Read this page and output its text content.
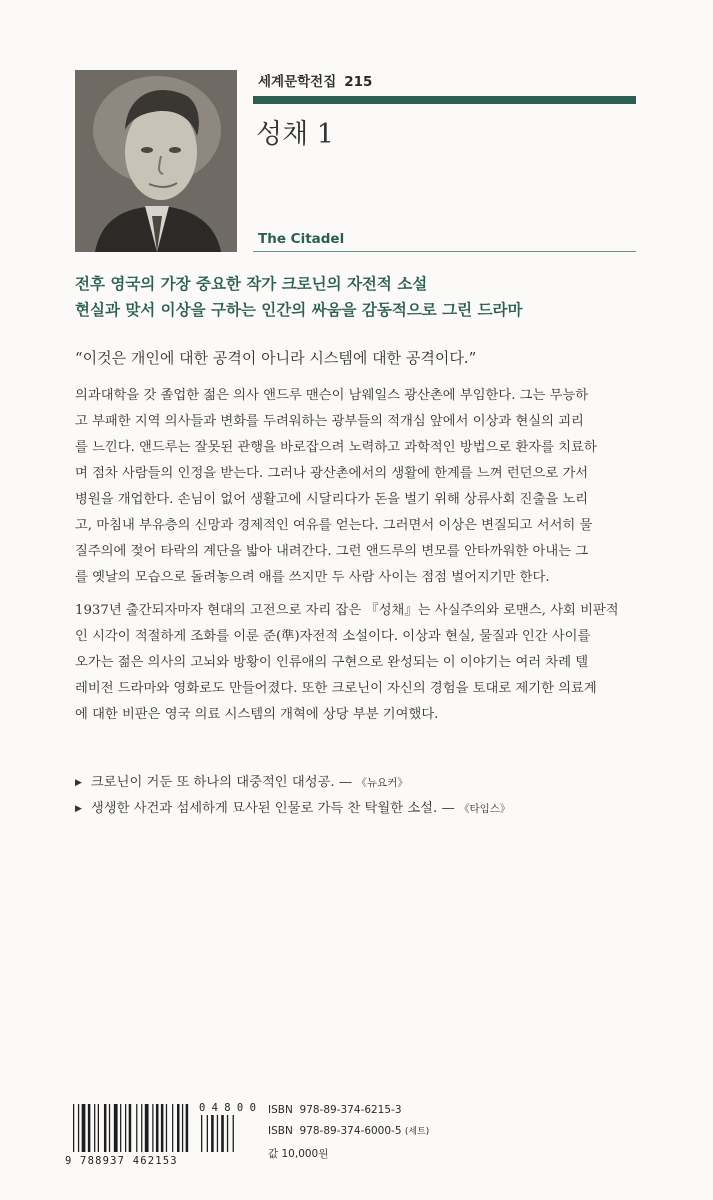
세계문학전집 215
성채 1
The Citadel
전후 영국의 가장 중요한 작가 크로닌의 자전적 소설
현실과 맞서 이상을 구하는 인간의 싸움을 감동적으로 그린 드라마
“이것은 개인에 대한 공격이 아니라 시스템에 대한 공격이다.”

의과대학을 갓 졸업한 젊은 의사 앤드루 맨슨이 남웨일스 광산촌에 부임한다. 그는 무능하

고 부패한 지역 의사들과 변화를 두려워하는 광부들의 적개심 앞에서 이상과 현실의 괴리

를 느낀다. 앤드루는 잘못된 관행을 바로잡으려 노력하고 과학적인 방법으로 환자를 치료하

며 점차 사람들의 인정을 받는다. 그러나 광산촌에서의 생활에 한계를 느껴 런던으로 가서

병원을 개업한다. 손님이 없어 생활고에 시달리다가 돈을 벌기 위해 상류사회 진출을 노리

고, 마침내 부유층의 신망과 경제적인 여유를 얻는다. 그러면서 이상은 변질되고 서서히 물

질주의에 젖어 타락의 계단을 밟아 내려간다. 그런 앤드루의 변모를 안타까워한 아내는 그

를 옛날의 모습으로 돌려놓으려 애를 쓰지만 두 사람 사이는 점점 벌어지기만 한다.

1937년 출간되자마자 현대의 고전으로 자리 잡은 『성채』는 사실주의와 로맨스, 사회 비판적

인 시각이 적절하게 조화를 이룬 준(準)자전적 소설이다. 이상과 현실, 물질과 인간 사이를

오가는 젊은 의사의 고뇌와 방황이 인류애의 구현으로 완성되는 이 이야기는 여러 차례 텔

레비전 드라마와 영화로도 만들어졌다. 또한 크로닌이 자신의 경험을 토대로 제기한 의료계

에 대한 비판은 영국 의료 시스템의 개혁에 상당 부분 기여했다.

▶ 크로닌이 거둔 또 하나의 대중적인 대성공. — 《뉴요커》
▶ 생생한 사건과 섬세하게 묘사된 인물로 가득 찬 탁월한 소설. — 《타임스》
9 788937 462153
0 4 8 0 0 ISBN 978-89-374-6215-3
ISBN 978-89-374-6000-5 (세트)
값 10,000원
